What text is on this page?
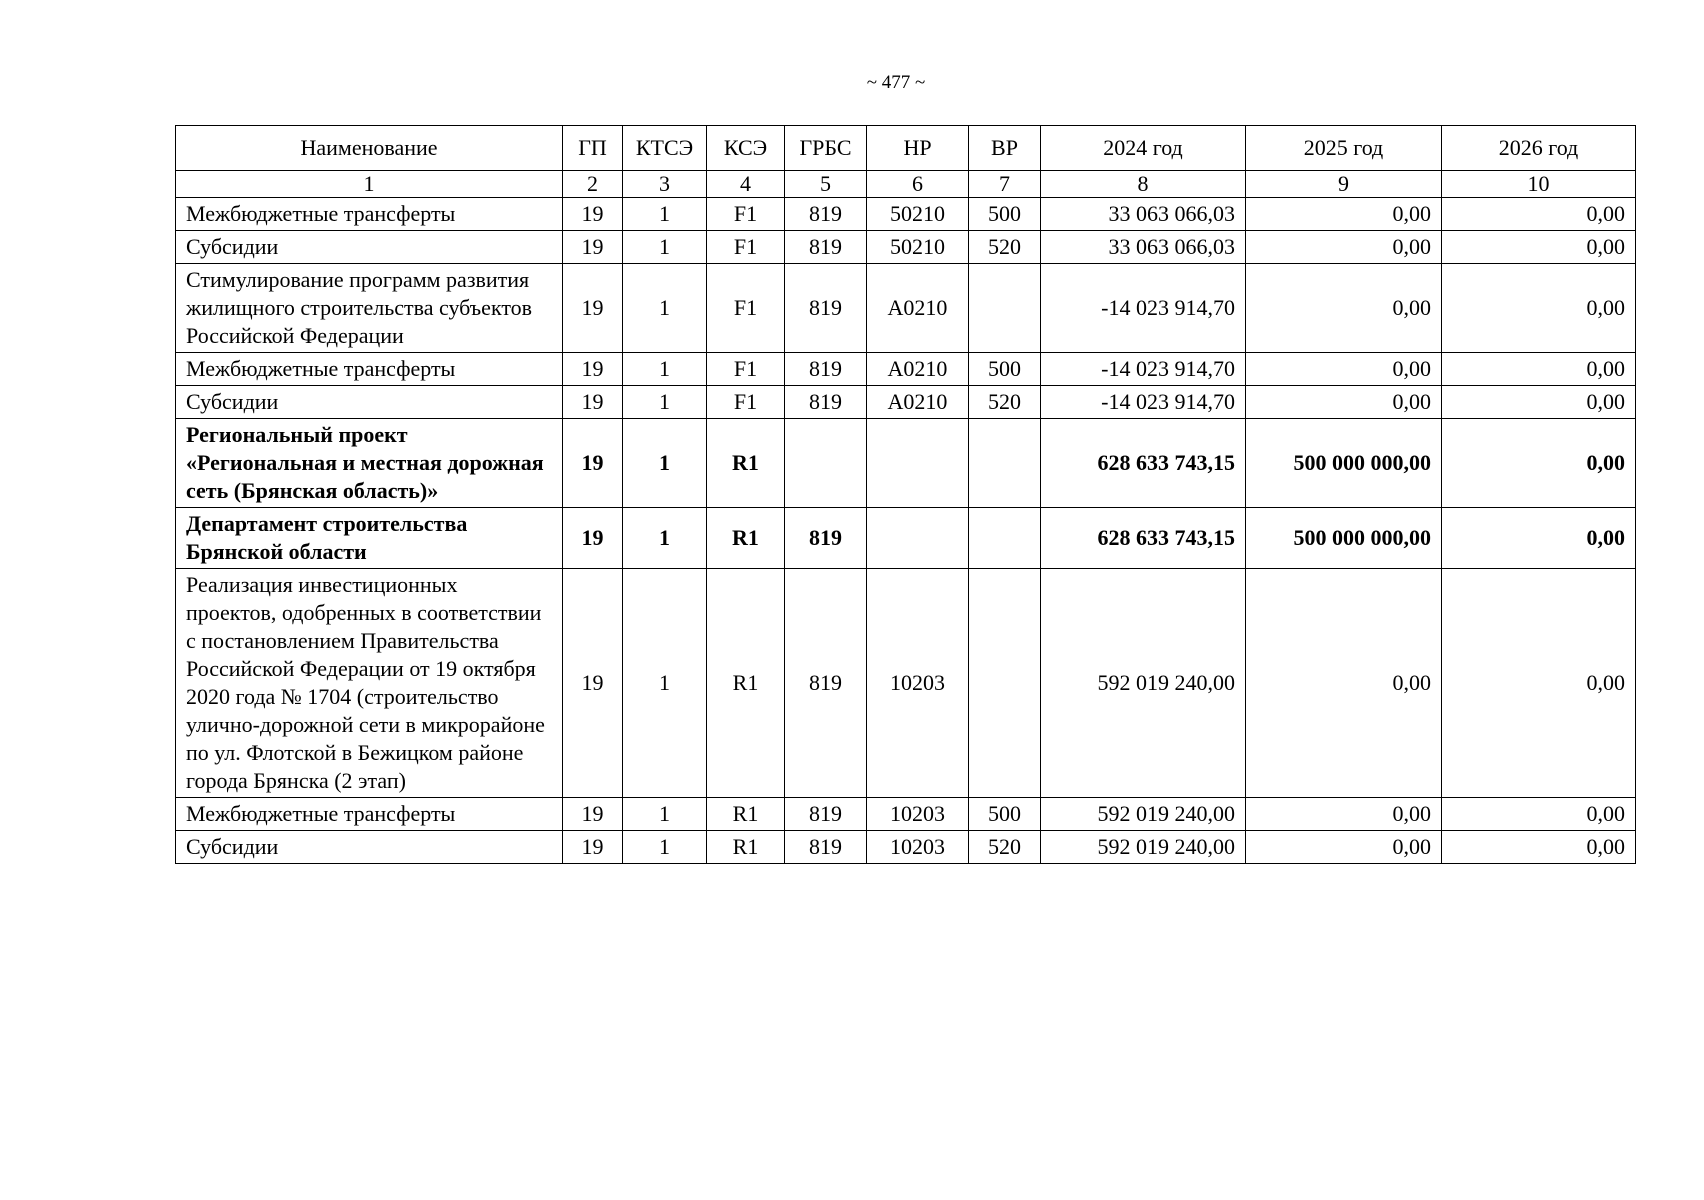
~ 477 ~
Наименование	ГП	КТСЭ	КСЭ	ГРБС	НР	ВР	2024 год	2025 год	2026 год
1	2	3	4	5	6	7	8	9	10
Межбюджетные трансферты	19	1	F1	819	50210	500	33 063 066,03	0,00	0,00
Субсидии	19	1	F1	819	50210	520	33 063 066,03	0,00	0,00
Стимулирование программ развития жилищного строительства субъектов Российской Федерации	19	1	F1	819	А0210		-14 023 914,70	0,00	0,00
Межбюджетные трансферты	19	1	F1	819	А0210	500	-14 023 914,70	0,00	0,00
Субсидии	19	1	F1	819	А0210	520	-14 023 914,70	0,00	0,00
Региональный проект «Региональная и местная дорожная сеть (Брянская область)»	19	1	R1				628 633 743,15	500 000 000,00	0,00
Департамент строительства Брянской области	19	1	R1	819			628 633 743,15	500 000 000,00	0,00
Реализация инвестиционных проектов, одобренных в соответствии с постановлением Правительства Российской Федерации от 19 октября 2020 года № 1704 (строительство улично-дорожной сети в микрорайоне по ул. Флотской в Бежицком районе города Брянска (2 этап)	19	1	R1	819	10203		592 019 240,00	0,00	0,00
Межбюджетные трансферты	19	1	R1	819	10203	500	592 019 240,00	0,00	0,00
Субсидии	19	1	R1	819	10203	520	592 019 240,00	0,00	0,00
